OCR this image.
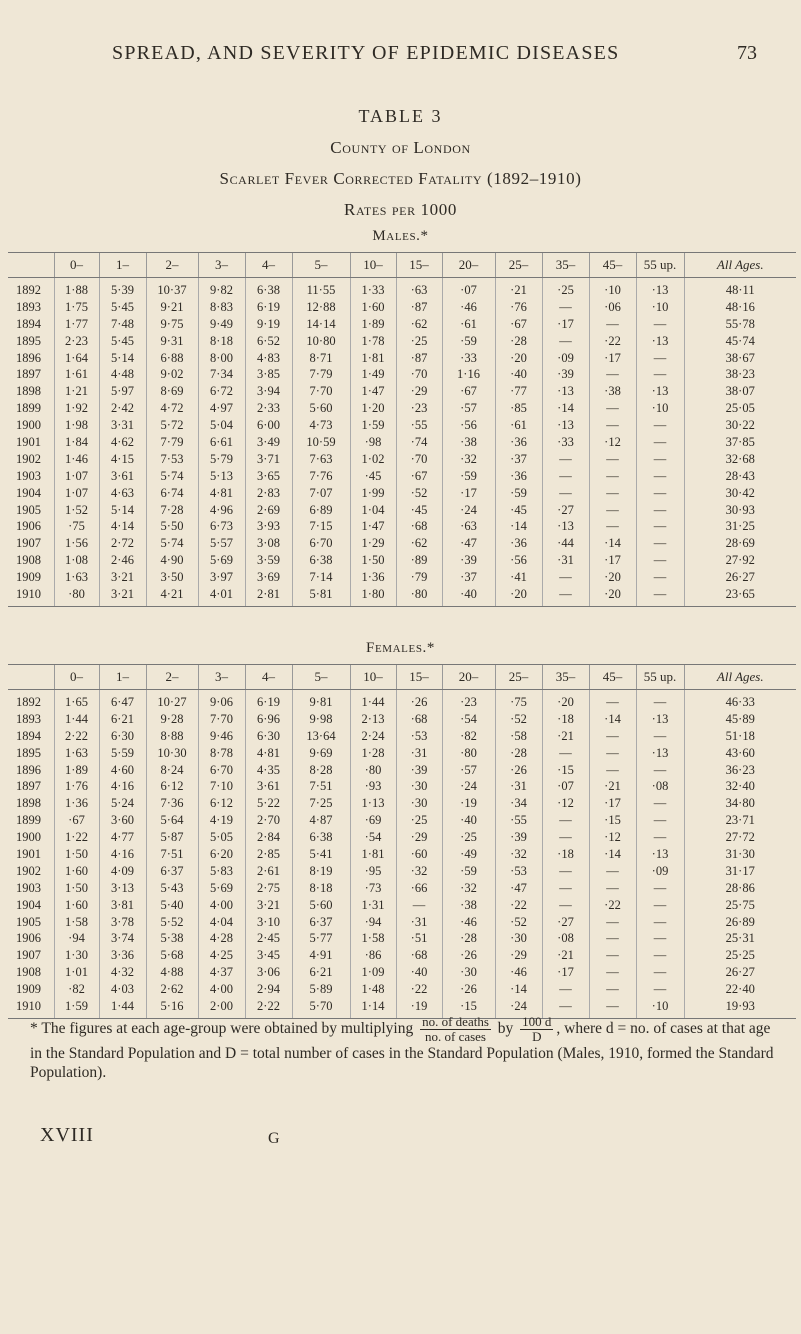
SPREAD, AND SEVERITY OF EPIDEMIC DISEASES	73
TABLE 3
County of London
Scarlet Fever Corrected Fatality (1892–1910)
Rates per 1000
Males.*
	0–	1–	2–	3–	4–	5–	10–	15–	20–	25–	35–	45–	55 up.	All Ages.
1892	1·88	5·39	10·37	9·82	6·38	11·55	1·33	·63	·07	·21	·25	·10	·13	48·11
1893	1·75	5·45	9·21	8·83	6·19	12·88	1·60	·87	·46	·76	—	·06	·10	48·16
1894	1·77	7·48	9·75	9·49	9·19	14·14	1·89	·62	·61	·67	·17	—	—	55·78
1895	2·23	5·45	9·31	8·18	6·52	10·80	1·78	·25	·59	·28	—	·22	·13	45·74
1896	1·64	5·14	6·88	8·00	4·83	8·71	1·81	·87	·33	·20	·09	·17	—	38·67
1897	1·61	4·48	9·02	7·34	3·85	7·79	1·49	·70	1·16	·40	·39	—	—	38·23
1898	1·21	5·97	8·69	6·72	3·94	7·70	1·47	·29	·67	·77	·13	·38	·13	38·07
1899	1·92	2·42	4·72	4·97	2·33	5·60	1·20	·23	·57	·85	·14	—	·10	25·05
1900	1·98	3·31	5·72	5·04	6·00	4·73	1·59	·55	·56	·61	·13	—	—	30·22
1901	1·84	4·62	7·79	6·61	3·49	10·59	·98	·74	·38	·36	·33	·12	—	37·85
1902	1·46	4·15	7·53	5·79	3·71	7·63	1·02	·70	·32	·37	—	—	—	32·68
1903	1·07	3·61	5·74	5·13	3·65	7·76	·45	·67	·59	·36	—	—	—	28·43
1904	1·07	4·63	6·74	4·81	2·83	7·07	1·99	·52	·17	·59	—	—	—	30·42
1905	1·52	5·14	7·28	4·96	2·69	6·89	1·04	·45	·24	·45	·27	—	—	30·93
1906	·75	4·14	5·50	6·73	3·93	7·15	1·47	·68	·63	·14	·13	—	—	31·25
1907	1·56	2·72	5·74	5·57	3·08	6·70	1·29	·62	·47	·36	·44	·14	—	28·69
1908	1·08	2·46	4·90	5·69	3·59	6·38	1·50	·89	·39	·56	·31	·17	—	27·92
1909	1·63	3·21	3·50	3·97	3·69	7·14	1·36	·79	·37	·41	—	·20	—	26·27
1910	·80	3·21	4·21	4·01	2·81	5·81	1·80	·80	·40	·20	—	·20	—	23·65
Females.*
	0–	1–	2–	3–	4–	5–	10–	15–	20–	25–	35–	45–	55 up.	All Ages.
1892	1·65	6·47	10·27	9·06	6·19	9·81	1·44	·26	·23	·75	·20	—	—	46·33
1893	1·44	6·21	9·28	7·70	6·96	9·98	2·13	·68	·54	·52	·18	·14	·13	45·89
1894	2·22	6·30	8·88	9·46	6·30	13·64	2·24	·53	·82	·58	·21	—	—	51·18
1895	1·63	5·59	10·30	8·78	4·81	9·69	1·28	·31	·80	·28	—	—	·13	43·60
1896	1·89	4·60	8·24	6·70	4·35	8·28	·80	·39	·57	·26	·15	—	—	36·23
1897	1·76	4·16	6·12	7·10	3·61	7·51	·93	·30	·24	·31	·07	·21	·08	32·40
1898	1·36	5·24	7·36	6·12	5·22	7·25	1·13	·30	·19	·34	·12	·17	—	34·80
1899	·67	3·60	5·64	4·19	2·70	4·87	·69	·25	·40	·55	—	·15	—	23·71
1900	1·22	4·77	5·87	5·05	2·84	6·38	·54	·29	·25	·39	—	·12	—	27·72
1901	1·50	4·16	7·51	6·20	2·85	5·41	1·81	·60	·49	·32	·18	·14	·13	31·30
1902	1·60	4·09	6·37	5·83	2·61	8·19	·95	·32	·59	·53	—	—	·09	31·17
1903	1·50	3·13	5·43	5·69	2·75	8·18	·73	·66	·32	·47	—	—	—	28·86
1904	1·60	3·81	5·40	4·00	3·21	5·60	1·31	—	·38	·22	—	·22	—	25·75
1905	1·58	3·78	5·52	4·04	3·10	6·37	·94	·31	·46	·52	·27	—	—	26·89
1906	·94	3·74	5·38	4·28	2·45	5·77	1·58	·51	·28	·30	·08	—	—	25·31
1907	1·30	3·36	5·68	4·25	3·45	4·91	·86	·68	·26	·29	·21	—	—	25·25
1908	1·01	4·32	4·88	4·37	3·06	6·21	1·09	·40	·30	·46	·17	—	—	26·27
1909	·82	4·03	2·62	4·00	2·94	5·89	1·48	·22	·26	·14	—	—	—	22·40
1910	1·59	1·44	5·16	2·00	2·22	5·70	1·14	·19	·15	·24	—	—	·10	19·93
* The figures at each age-group were obtained by multiplying $\frac{\text{no. of deaths}}{\text{no. of cases}}$ by $\frac{100 d}{D}$ , where d = no. of cases at that age in the Standard Population and D = total number of cases in the Standard Population (Males, 1910, formed the Standard Population).
XVIII	G
